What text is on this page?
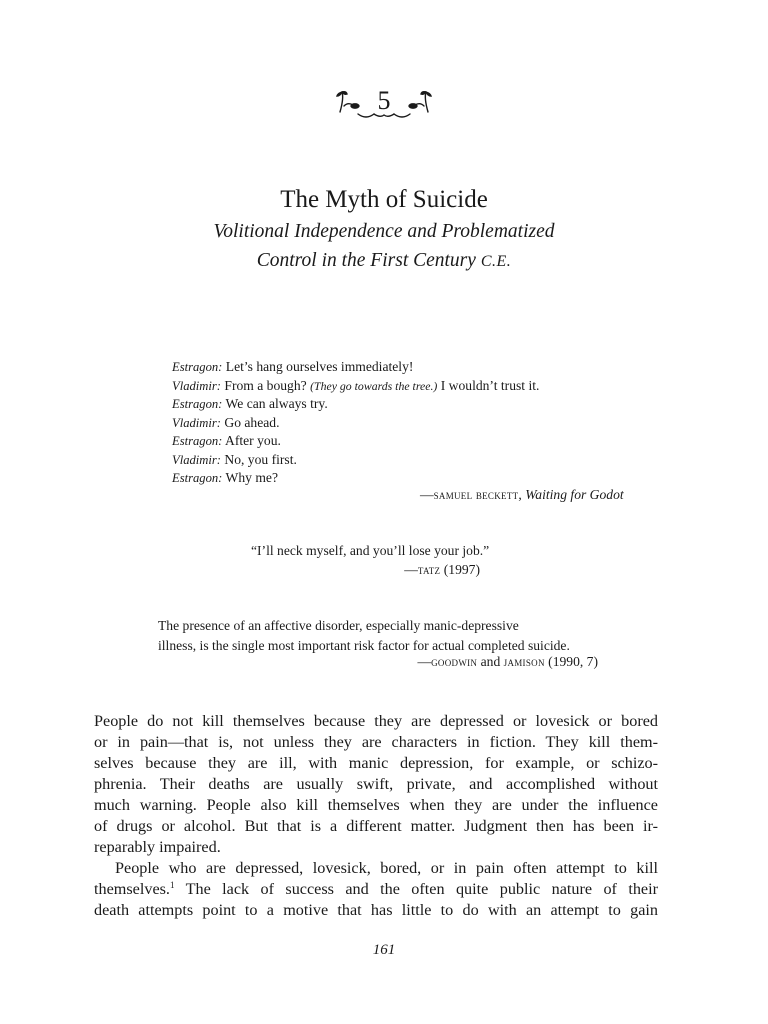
5
The Myth of Suicide
Volitional Independence and Problematized
Control in the First Century C.E.
Estragon: Let’s hang ourselves immediately!
Vladimir: From a bough? (They go towards the tree.) I wouldn’t trust it.
Estragon: We can always try.
Vladimir: Go ahead.
Estragon: After you.
Vladimir: No, you first.
Estragon: Why me?
—samuel beckett, Waiting for Godot
“I’ll neck myself, and you’ll lose your job.”
—tatz (1997)
The presence of an affective disorder, especially manic-depressive
illness, is the single most important risk factor for actual completed suicide.
—goodwin and jamison (1990, 7)
People do not kill themselves because they are depressed or lovesick or bored
or in pain—that is, not unless they are characters in fiction. They kill them-
selves because they are ill, with manic depression, for example, or schizo-
phrenia. Their deaths are usually swift, private, and accomplished without
much warning. People also kill themselves when they are under the influence
of drugs or alcohol. But that is a different matter. Judgment then has been ir-
reparably impaired.
People who are depressed, lovesick, bored, or in pain often attempt to kill
themselves.$^1$ The lack of success and the often quite public nature of their
death attempts point to a motive that has little to do with an attempt to gain
161
